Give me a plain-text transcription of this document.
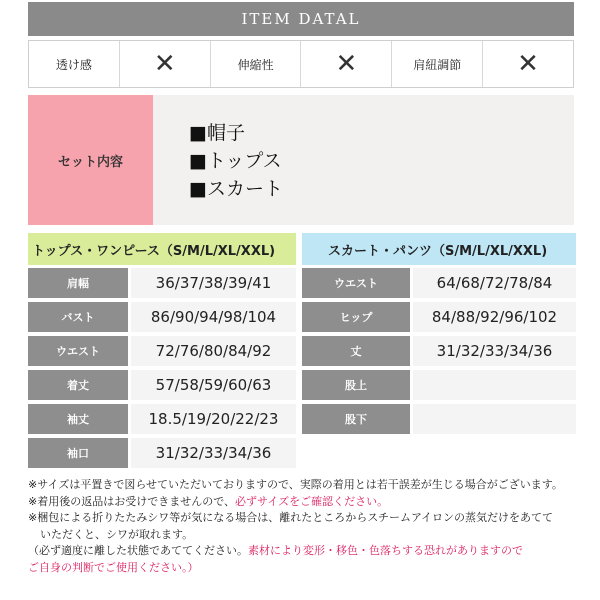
ITEM DATAL
透け感	✕	伸縮性	✕	肩紐調節	✕
セット内容
■帽子
■トップス
■スカート
トップス・ワンピース（S/M/L/XL/XXL)	スカート・パンツ（S/M/L/XL/XXL)
肩幅	36/37/38/39/41
バスト	86/90/94/98/104
ウエスト	72/76/80/84/92
着丈	57/58/59/60/63
袖丈	18.5/19/20/22/23
袖口	31/32/33/34/36
ウエスト	64/68/72/78/84
ヒップ	84/88/92/96/102
丈	31/32/33/34/36
股上
股下
※サイズは平置きで図らせていただいておりますので、実際の着用とは若干誤差が生じる場合がございます。
※着用後の返品はお受けできませんので、必ずサイズをご確認ください。
※梱包による折りたたみシワ等が気になる場合は、離れたところからスチームアイロンの蒸気だけをあてて
いただくと、シワが取れます。
（必ず適度に離した状態であててください。素材により変形・移色・色落ちする恐れがありますので
ご自身の判断でご使用ください。）
